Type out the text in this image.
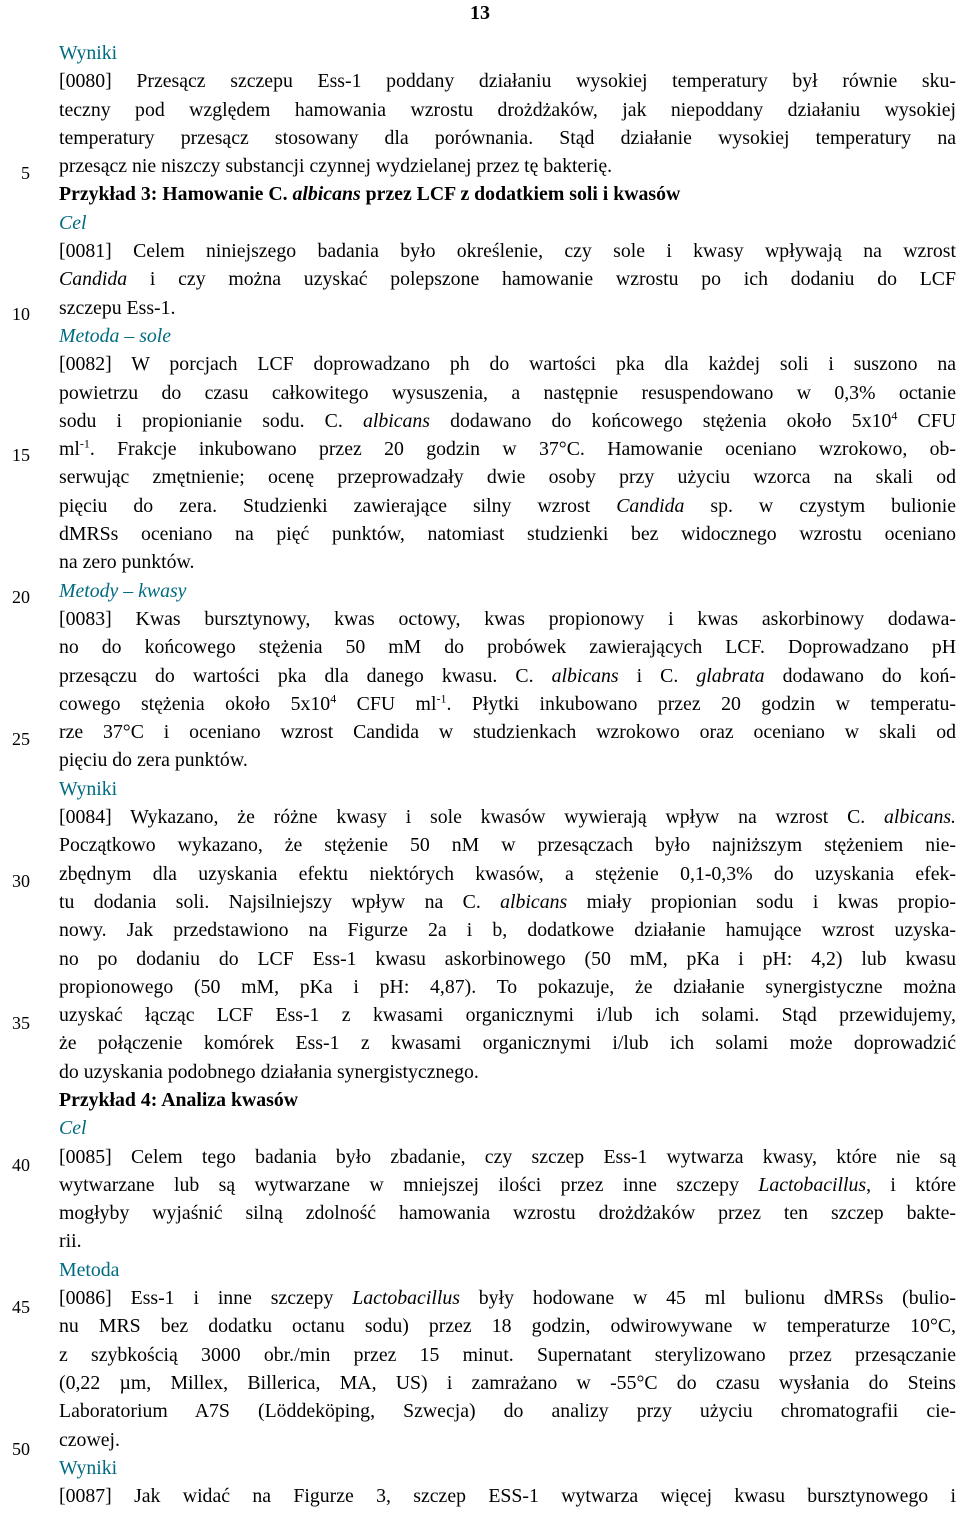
13
5
10
15
20
25
30
35
40
45
50
Wyniki
[0080] Przesącz szczepu Ess-1 poddany działaniu wysokiej temperatury był równie sku-
teczny pod względem hamowania wzrostu drożdżaków, jak niepoddany działaniu wysokiej
temperatury przesącz stosowany dla porównania. Stąd działanie wysokiej temperatury na
przesącz nie niszczy substancji czynnej wydzielanej przez tę bakterię.
Przykład 3: Hamowanie C. albicans przez LCF z dodatkiem soli i kwasów
Cel
[0081] Celem niniejszego badania było określenie, czy sole i kwasy wpływają na wzrost
Candida i czy można uzyskać polepszone hamowanie wzrostu po ich dodaniu do LCF
szczepu Ess-1.
Metoda – sole
[0082] W porcjach LCF doprowadzano ph do wartości pka dla każdej soli i suszono na
powietrzu do czasu całkowitego wysuszenia, a następnie resuspendowano w 0,3% octanie
sodu i propionianie sodu. C. albicans dodawano do końcowego stężenia około $5x10^4$ CFU
$ml^{-1}$. Frakcje inkubowano przez 20 godzin w 37°C. Hamowanie oceniano wzrokowo, ob-
serwując zmętnienie; ocenę przeprowadzały dwie osoby przy użyciu wzorca na skali od
pięciu do zera. Studzienki zawierające silny wzrost Candida sp. w czystym bulionie
dMRSs oceniano na pięć punktów, natomiast studzienki bez widocznego wzrostu oceniano
na zero punktów.
Metody – kwasy
[0083] Kwas bursztynowy, kwas octowy, kwas propionowy i kwas askorbinowy dodawa-
no do końcowego stężenia 50 mM do probówek zawierających LCF. Doprowadzano pH
przesączu do wartości pka dla danego kwasu. C. albicans i C. glabrata dodawano do koń-
cowego stężenia około $5x10^4$ CFU $ml^{-1}$. Płytki inkubowano przez 20 godzin w temperatu-
rze 37°C i oceniano wzrost Candida w studzienkach wzrokowo oraz oceniano w skali od
pięciu do zera punktów.
Wyniki
[0084] Wykazano, że różne kwasy i sole kwasów wywierają wpływ na wzrost C. albicans.
Początkowo wykazano, że stężenie 50 nM w przesączach było najniższym stężeniem nie-
zbędnym dla uzyskania efektu niektórych kwasów, a stężenie 0,1-0,3% do uzyskania efek-
tu dodania soli. Najsilniejszy wpływ na C. albicans miały propionian sodu i kwas propio-
nowy. Jak przedstawiono na Figurze 2a i b, dodatkowe działanie hamujące wzrost uzyska-
no po dodaniu do LCF Ess-1 kwasu askorbinowego (50 mM, pKa i pH: 4,2) lub kwasu
propionowego (50 mM, pKa i pH: 4,87). To pokazuje, że działanie synergistyczne można
uzyskać łącząc LCF Ess-1 z kwasami organicznymi i/lub ich solami. Stąd przewidujemy,
że połączenie komórek Ess-1 z kwasami organicznymi i/lub ich solami może doprowadzić
do uzyskania podobnego działania synergistycznego.
Przykład 4: Analiza kwasów
Cel
[0085] Celem tego badania było zbadanie, czy szczep Ess-1 wytwarza kwasy, które nie są
wytwarzane lub są wytwarzane w mniejszej ilości przez inne szczepy Lactobacillus, i które
mogłyby wyjaśnić silną zdolność hamowania wzrostu drożdżaków przez ten szczep bakte-
rii.
Metoda
[0086] Ess-1 i inne szczepy Lactobacillus były hodowane w 45 ml bulionu dMRSs (bulio-
nu MRS bez dodatku octanu sodu) przez 18 godzin, odwirowywane w temperaturze 10°C,
z szybkością 3000 obr./min przez 15 minut. Supernatant sterylizowano przez przesączanie
(0,22 µm, Millex, Billerica, MA, US) i zamrażano w -55°C do czasu wysłania do Steins
Laboratorium A7S (Löddeköping, Szwecja) do analizy przy użyciu chromatografii cie-
czowej.
Wyniki
[0087] Jak widać na Figurze 3, szczep ESS-1 wytwarza więcej kwasu bursztynowego i
